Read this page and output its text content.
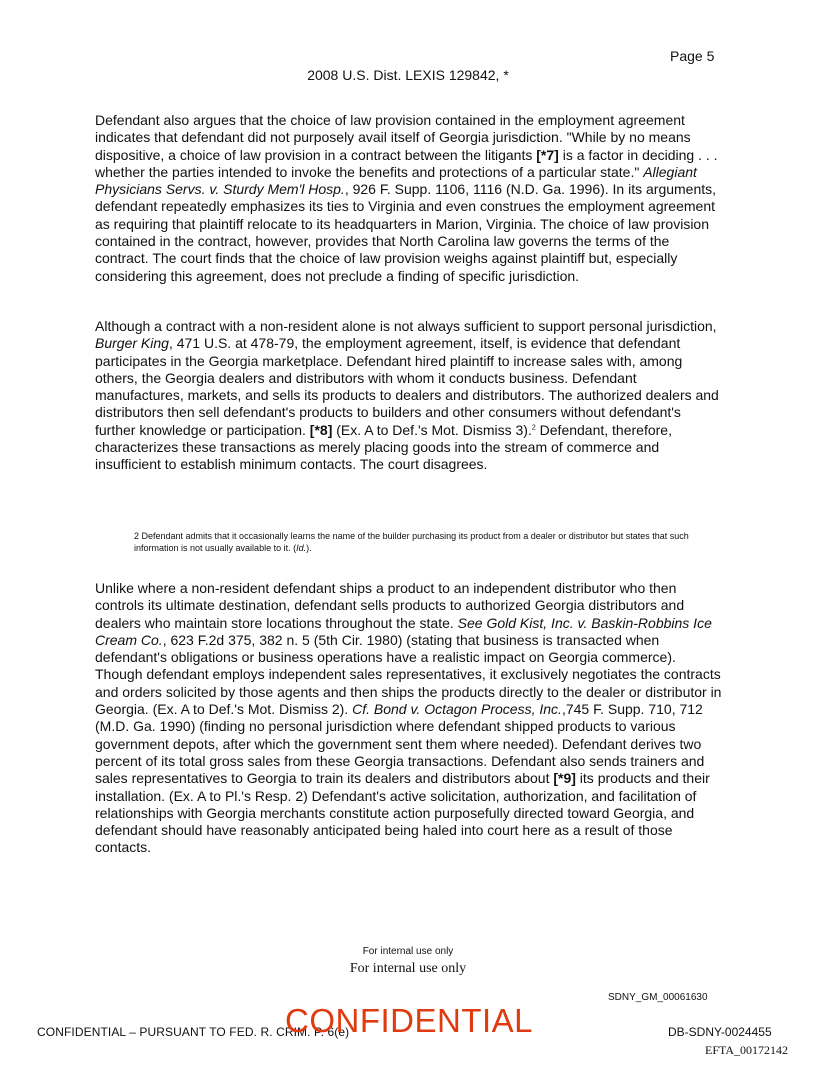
Page 5
2008 U.S. Dist. LEXIS 129842, *

Defendant also argues that the choice of law provision contained in the employment agreement indicates that defendant did not purposely avail itself of Georgia jurisdiction. "While by no means dispositive, a choice of law provision in a contract between the litigants [*7] is a factor in deciding . . . whether the parties intended to invoke the benefits and protections of a particular state." Allegiant Physicians Servs. v. Sturdy Mem'l Hosp., 926 F. Supp. 1106, 1116 (N.D. Ga. 1996). In its arguments, defendant repeatedly emphasizes its ties to Virginia and even construes the employment agreement as requiring that plaintiff relocate to its headquarters in Marion, Virginia. The choice of law provision contained in the contract, however, provides that North Carolina law governs the terms of the contract. The court finds that the choice of law provision weighs against plaintiff but, especially considering this agreement, does not preclude a finding of specific jurisdiction.

Although a contract with a non-resident alone is not always sufficient to support personal jurisdiction, Burger King, 471 U.S. at 478-79, the employment agreement, itself, is evidence that defendant participates in the Georgia marketplace. Defendant hired plaintiff to increase sales with, among others, the Georgia dealers and distributors with whom it conducts business. Defendant manufactures, markets, and sells its products to dealers and distributors. The authorized dealers and distributors then sell defendant's products to builders and other consumers without defendant's further knowledge or participation. [*8] (Ex. A to Def.'s Mot. Dismiss 3).$^2$ Defendant, therefore, characterizes these transactions as merely placing goods into the stream of commerce and insufficient to establish minimum contacts. The court disagrees.

2 Defendant admits that it occasionally learns the name of the builder purchasing its product from a dealer or distributor but states that such information is not usually available to it. (Id.).

Unlike where a non-resident defendant ships a product to an independent distributor who then controls its ultimate destination, defendant sells products to authorized Georgia distributors and dealers who maintain store locations throughout the state. See Gold Kist, Inc. v. Baskin-Robbins Ice Cream Co., 623 F.2d 375, 382 n. 5 (5th Cir. 1980) (stating that business is transacted when defendant's obligations or business operations have a realistic impact on Georgia commerce). Though defendant employs independent sales representatives, it exclusively negotiates the contracts and orders solicited by those agents and then ships the products directly to the dealer or distributor in Georgia. (Ex. A to Def.'s Mot. Dismiss 2). Cf. Bond v. Octagon Process, Inc.,745 F. Supp. 710, 712 (M.D. Ga. 1990) (finding no personal jurisdiction where defendant shipped products to various government depots, after which the government sent them where needed). Defendant derives two percent of its total gross sales from these Georgia transactions. Defendant also sends trainers and sales representatives to Georgia to train its dealers and distributors about [*9] its products and their installation. (Ex. A to Pl.'s Resp. 2) Defendant's active solicitation, authorization, and facilitation of relationships with Georgia merchants constitute action purposefully directed toward Georgia, and defendant should have reasonably anticipated being haled into court here as a result of those contacts.

For internal use only
For internal use only
SDNY_GM_00061630
CONFIDENTIAL – PURSUANT TO FED. R. CRIM. P. 6(e)
CONFIDENTIAL	DB-SDNY-0024455
EFTA_00172142
